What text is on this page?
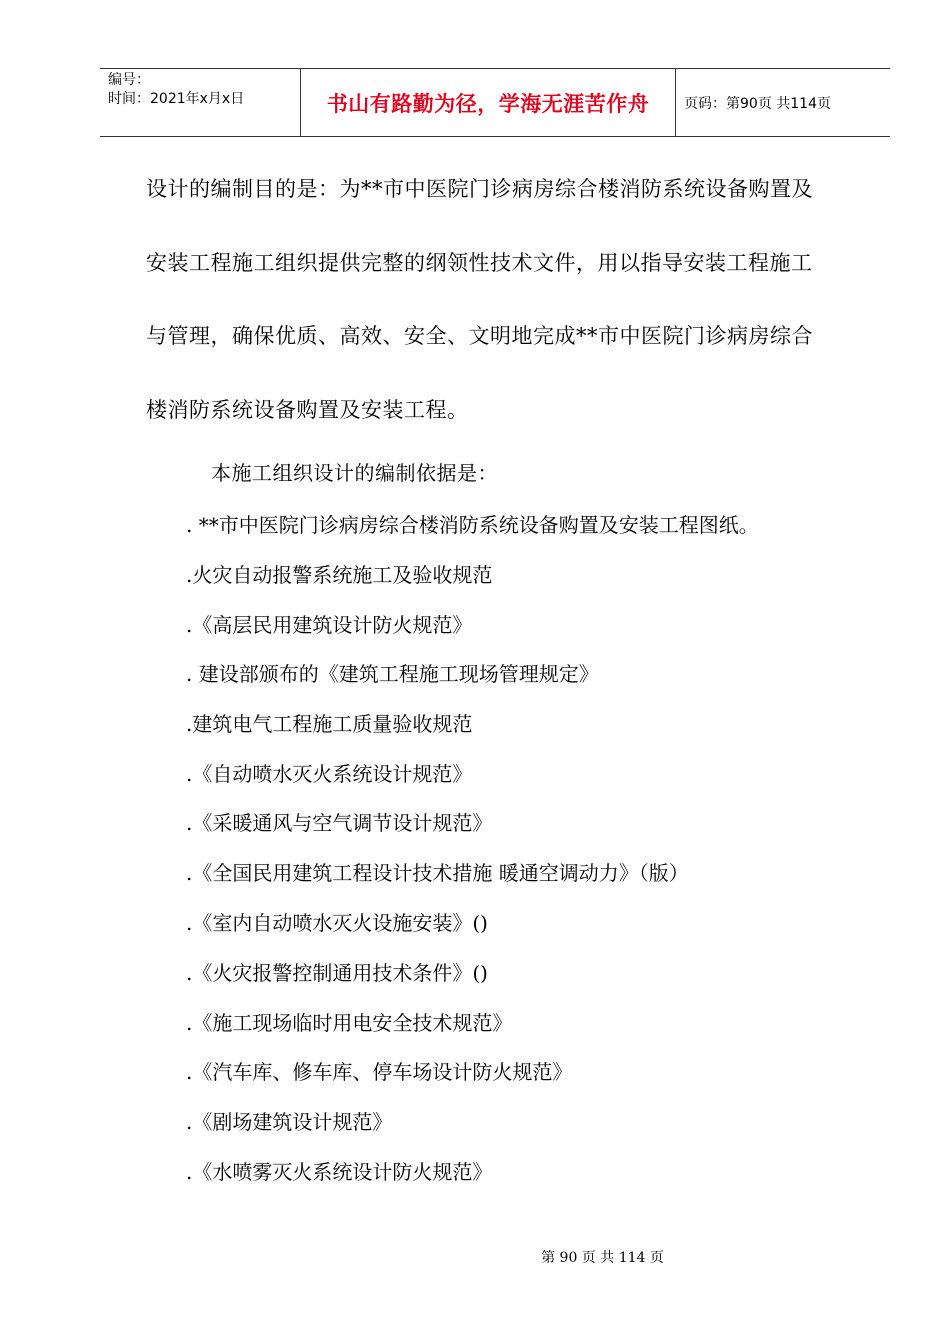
编号：
时间：2021年x月x日	书山有路勤为径，学海无涯苦作舟	页码：第90页 共114页
设计的编制目的是：为**市中医院门诊病房综合楼消防系统设备购置及
安装工程施工组织提供完整的纲领性技术文件，用以指导安装工程施工
与管理，确保优质、高效、安全、文明地完成**市中医院门诊病房综合
楼消防系统设备购置及安装工程。
本施工组织设计的编制依据是：
. **市中医院门诊病房综合楼消防系统设备购置及安装工程图纸。
.火灾自动报警系统施工及验收规范
.《高层民用建筑设计防火规范》
. 建设部颁布的《建筑工程施工现场管理规定》
.建筑电气工程施工质量验收规范
.《自动喷水灭火系统设计规范》
.《采暖通风与空气调节设计规范》
.《全国民用建筑工程设计技术措施 暖通空调动力》（版）
.《室内自动喷水灭火设施安装》()
.《火灾报警控制通用技术条件》()
.《施工现场临时用电安全技术规范》
.《汽车库、修车库、停车场设计防火规范》
.《剧场建筑设计规范》
.《水喷雾灭火系统设计防火规范》
第 90 页 共 114 页
